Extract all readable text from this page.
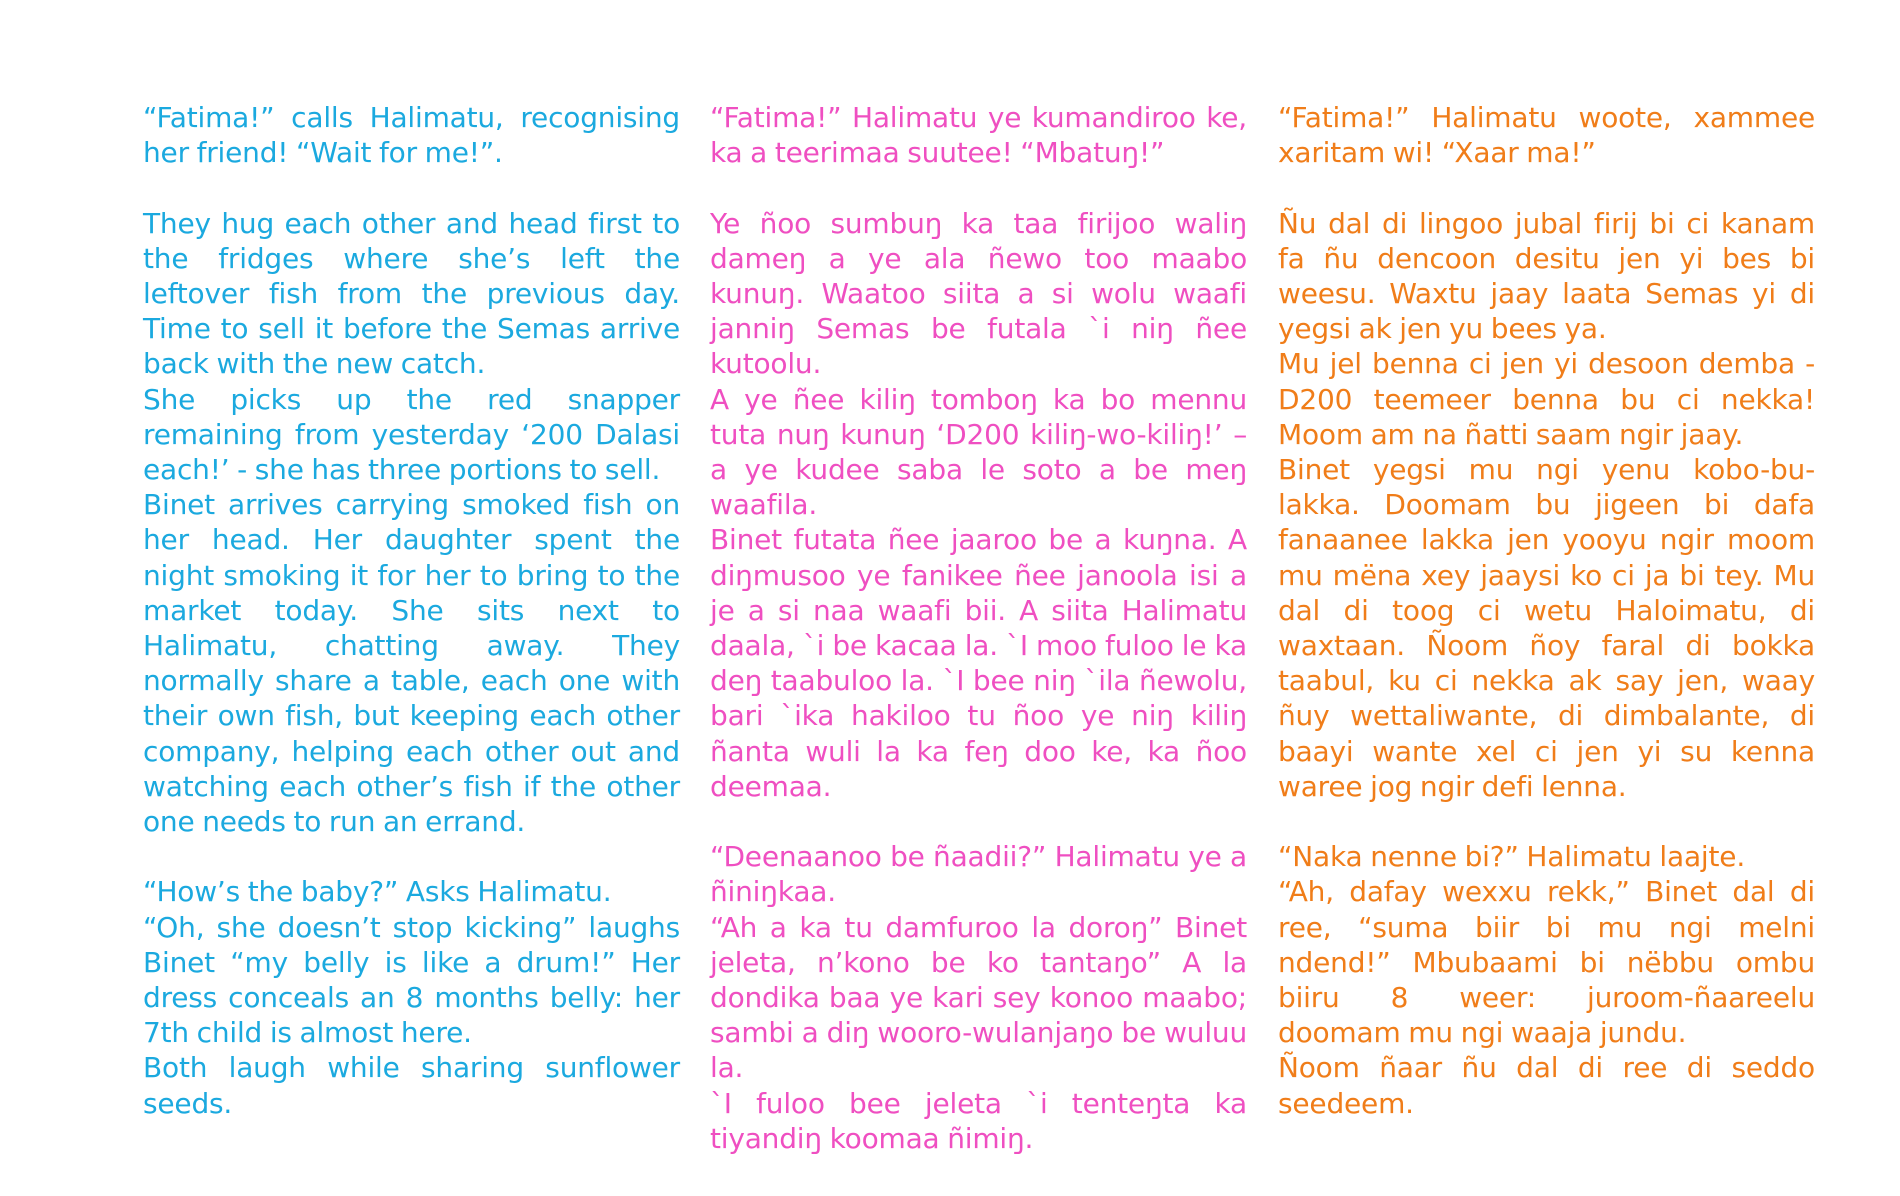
“Fatima!” calls Halimatu, recognising her friend! “Wait for me!”.

They hug each other and head first to the fridges where she’s left the leftover fish from the previous day. Time to sell it before the Semas arrive back with the new catch.

She picks up the red snapper remaining from yesterday ‘200 Dalasi each!’ - she has three portions to sell.

Binet arrives carrying smoked fish on her head. Her daughter spent the night smoking it for her to bring to the market today. She sits next to Halimatu, chatting away. They normally share a table, each one with their own fish, but keeping each other company, helping each other out and watching each other’s fish if the other one needs to run an errand.

“How’s the baby?” Asks Halimatu.

“Oh, she doesn’t stop kicking” laughs Binet “my belly is like a drum!” Her dress conceals an 8 months belly: her 7th child is almost here.

Both laugh while sharing sunflower seeds.

“Fatima!” Halimatu ye kumandiroo ke, ka a teerimaa suutee! “Mbatuŋ!”

Ye ñoo sumbuŋ ka taa firijoo waliŋ dameŋ a ye ala ñewo too maabo kunuŋ. Waatoo siita a si wolu waafi janniŋ Semas be futala `i niŋ ñee kutoolu.

A ye ñee kiliŋ tomboŋ ka bo mennu tuta nuŋ kunuŋ ‘D200 kiliŋ-wo-kiliŋ!’ – a ye kudee saba le soto a be meŋ waafila.

Binet futata ñee jaaroo be a kuŋna. A diŋmusoo ye fanikee ñee janoola isi a je a si naa waafi bii. A siita Halimatu daala, `i be kacaa la. `I moo fuloo le ka deŋ taabuloo la. `I bee niŋ `ila ñewolu, bari `ika hakiloo tu ñoo ye niŋ kiliŋ ñanta wuli la ka feŋ doo ke, ka ñoo deemaa.

“Deenaanoo be ñaadii?” Halimatu ye a ñiniŋkaa.

“Ah a ka tu damfuroo la doroŋ” Binet jeleta, n’kono be ko tantaŋo” A la dondika baa ye kari sey konoo maabo; sambi a diŋ wooro-wulanjaŋo be wuluu la.

`I fuloo bee jeleta `i tenteŋta ka tiyandiŋ koomaa ñimiŋ.

“Fatima!” Halimatu woote, xammee xaritam wi! “Xaar ma!”

Ñu dal di lingoo jubal firij bi ci kanam fa ñu dencoon desitu jen yi bes bi weesu. Waxtu jaay laata Semas yi di yegsi ak jen yu bees ya.

Mu jel benna ci jen yi desoon demba -D200 teemeer benna bu ci nekka! Moom am na ñatti saam ngir jaay.

Binet yegsi mu ngi yenu kobo-bu-lakka. Doomam bu jigeen bi dafa fanaanee lakka jen yooyu ngir moom mu mëna xey jaaysi ko ci ja bi tey. Mu dal di toog ci wetu Haloimatu, di waxtaan. Ñoom ñoy faral di bokka taabul, ku ci nekka ak say jen, waay ñuy wettaliwante, di dimbalante, di baayi wante xel ci jen yi su kenna waree jog ngir defi lenna.

“Naka nenne bi?” Halimatu laajte.

“Ah, dafay wexxu rekk,” Binet dal di ree, “suma biir bi mu ngi melni ndend!” Mbubaami bi nëbbu ombu biiru 8 weer: juroom-ñaareelu doomam mu ngi waaja jundu.

Ñoom ñaar ñu dal di ree di seddo seedeem.
